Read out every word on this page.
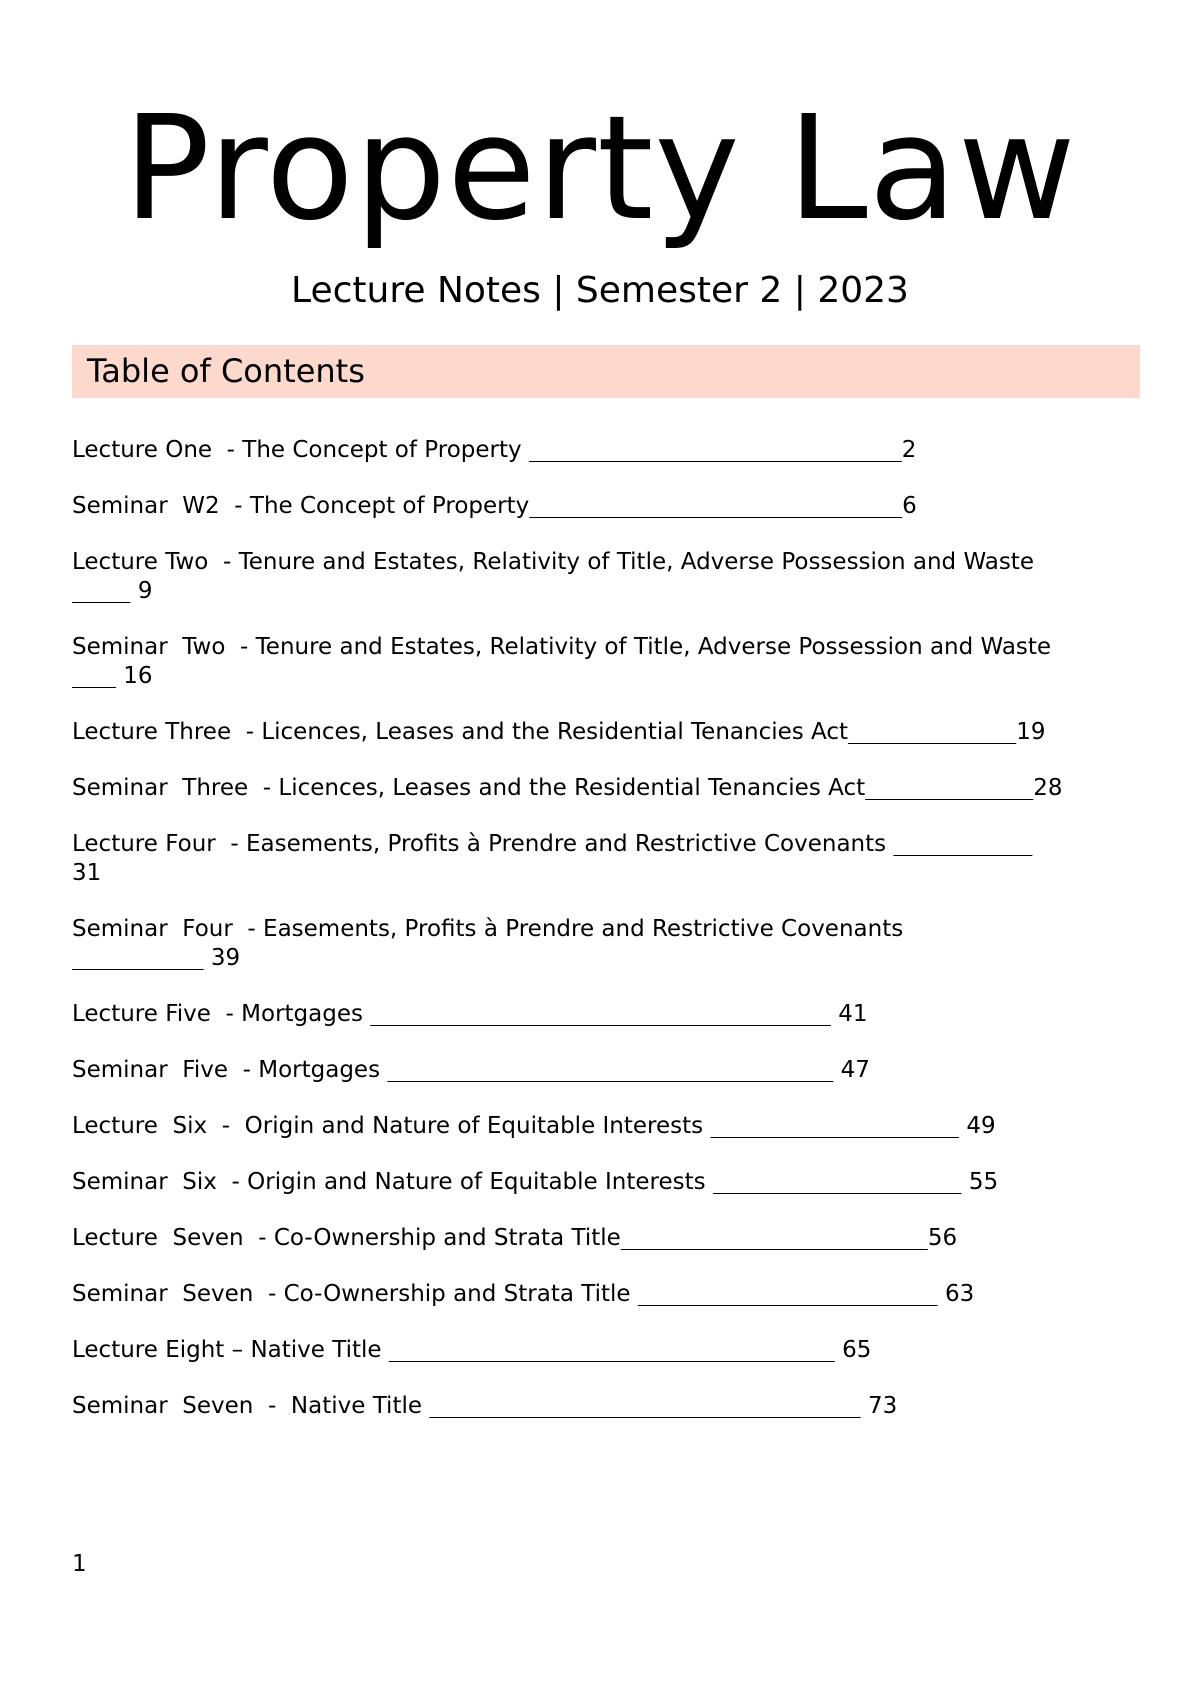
Property Law
Lecture Notes | Semester 2 | 2023
Table of Contents

Lecture One  - The Concept of Property	2

Seminar  W2  - The Concept of Property	6

Lecture Two  - Tenure and Estates, Relativity of Title, Adverse Possession and Waste
9

Seminar  Two  - Tenure and Estates, Relativity of Title, Adverse Possession and Waste
16

Lecture Three  - Licences, Leases and the Residential Tenancies Act	19

Seminar  Three  - Licences, Leases and the Residential Tenancies Act	28

Lecture Four  - Easements, Profits à Prendre and Restrictive Covenants
31

Seminar  Four  - Easements, Profits à Prendre and Restrictive Covenants
39

Lecture Five  - Mortgages	41

Seminar  Five  - Mortgages	47

Lecture  Six  -  Origin and Nature of Equitable Interests	49

Seminar  Six  - Origin and Nature of Equitable Interests	55

Lecture  Seven  - Co-Ownership and Strata Title	56

Seminar  Seven  - Co-Ownership and Strata Title	63

Lecture Eight – Native Title	65

Seminar  Seven  -  Native Title	73

1
